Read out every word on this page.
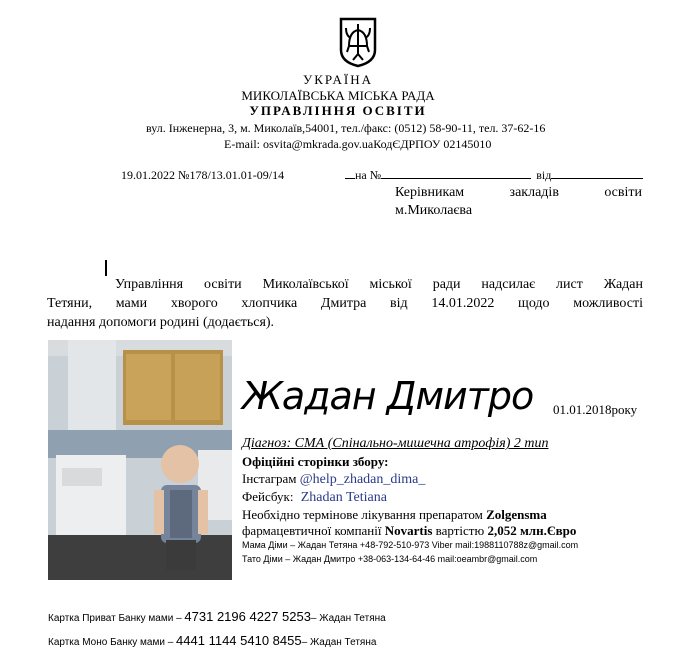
УКРАЇНА
МИКОЛАЇВСЬКА МІСЬКА РАДА
УПРАВЛІННЯ ОСВІТИ
вул. Інженерна, 3, м. Миколаїв,54001, тел./факс: (0512) 58-90-11, тел. 37-62-16
E-mail: osvita@mkrada.gov.uaКодЄДРПОУ 02145010
19.01.2022 №178/13.01.01-09/14	на №	від
Керівникам закладів освіти
м.Миколаєва
Управління освіти Миколаївської міської ради надсилає лист Жадан
Тетяни, мами хворого хлопчика Дмитра від 14.01.2022 щодо можливості
надання допомоги родині (додається).
Жадан Дмитро 01.01.2018року
Діагноз: СМА (Спінально-мишечна атрофія) 2 тип
Офіційні сторінки збору:
Інстаграм @help_zhadan_dima_
Фейсбук: Zhadan Tetiana
Необхідно термінове лікування препаратом Zolgensma
фармацевтичної компанії Novartis вартістю 2,052 млн.Євро
Мама Діми – Жадан Тетяна +48-792-510-973 Viber mail:1988110788z@gmail.com
Тато Діми – Жадан Дмитро +38-063-134-64-46 mail:oeambr@gmail.com
Картка Приват Банку мами – 4731 2196 4227 5253– Жадан Тетяна
Картка Моно Банку мами – 4441 1144 5410 8455– Жадан Тетяна
